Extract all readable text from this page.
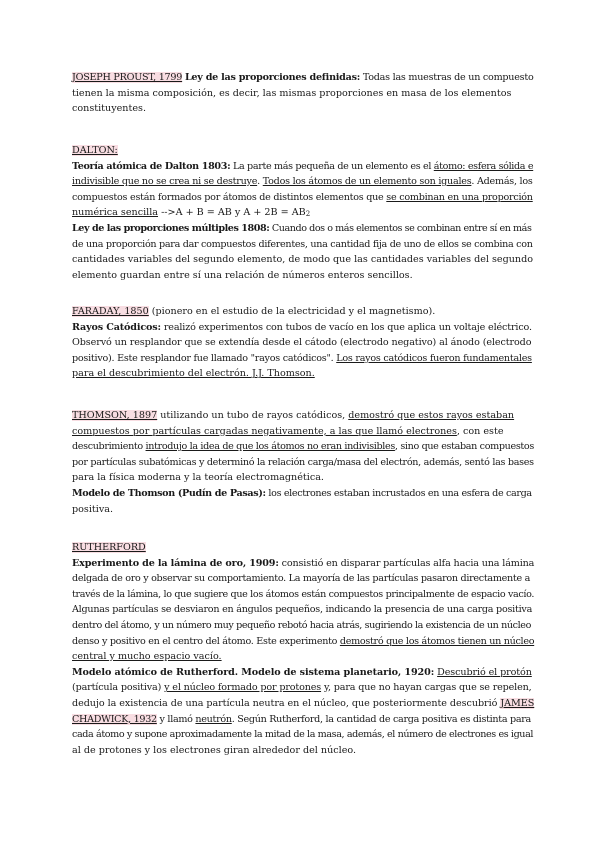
JOSEPH PROUST, 1799 Ley de las proporciones definidas: Todas las muestras de un compuesto
tienen la misma composición, es decir, las mismas proporciones en masa de los elementos
constituyentes.
DALTON:
Teoría atómica de Dalton 1803: La parte más pequeña de un elemento es el átomo: esfera sólida e
indivisible que no se crea ni se destruye. Todos los átomos de un elemento son iguales. Además, los
compuestos están formados por átomos de distintos elementos que se combinan en una proporción
numérica sencilla -->A + B = AB y $A + 2B = AB_2$
Ley de las proporciones múltiples 1808: Cuando dos o más elementos se combinan entre sí en más
de una proporción para dar compuestos diferentes, una cantidad fija de uno de ellos se combina con
cantidades variables del segundo elemento, de modo que las cantidades variables del segundo
elemento guardan entre sí una relación de números enteros sencillos.
FARADAY, 1850 (pionero en el estudio de la electricidad y el magnetismo).
Rayos Catódicos: realizó experimentos con tubos de vacío en los que aplica un voltaje eléctrico.
Observó un resplandor que se extendía desde el cátodo (electrodo negativo) al ánodo (electrodo
positivo). Este resplandor fue llamado "rayos catódicos". Los rayos catódicos fueron fundamentales
para el descubrimiento del electrón. J.J. Thomson.
THOMSON, 1897 utilizando un tubo de rayos catódicos, demostró que estos rayos estaban
compuestos por partículas cargadas negativamente, a las que llamó electrones, con este
descubrimiento introdujo la idea de que los átomos no eran indivisibles, sino que estaban compuestos
por partículas subatómicas y determinó la relación carga/masa del electrón, además, sentó las bases
para la física moderna y la teoría electromagnética.
Modelo de Thomson (Pudín de Pasas): los electrones estaban incrustados en una esfera de carga
positiva.
RUTHERFORD
Experimento de la lámina de oro, 1909: consistió en disparar partículas alfa hacia una lámina
delgada de oro y observar su comportamiento. La mayoría de las partículas pasaron directamente a
través de la lámina, lo que sugiere que los átomos están compuestos principalmente de espacio vacío.
Algunas partículas se desviaron en ángulos pequeños, indicando la presencia de una carga positiva
dentro del átomo, y un número muy pequeño rebotó hacia atrás, sugiriendo la existencia de un núcleo
denso y positivo en el centro del átomo. Este experimento demostró que los átomos tienen un núcleo
central y mucho espacio vacío.
Modelo atómico de Rutherford. Modelo de sistema planetario, 1920: Descubrió el protón
(partícula positiva) y el núcleo formado por protones y, para que no hayan cargas que se repelen,
dedujo la existencia de una partícula neutra en el núcleo, que posteriormente descubrió JAMES
CHADWICK, 1932 y llamó neutrón. Según Rutherford, la cantidad de carga positiva es distinta para
cada átomo y supone aproximadamente la mitad de la masa, además, el número de electrones es igual
al de protones y los electrones giran alrededor del núcleo.
